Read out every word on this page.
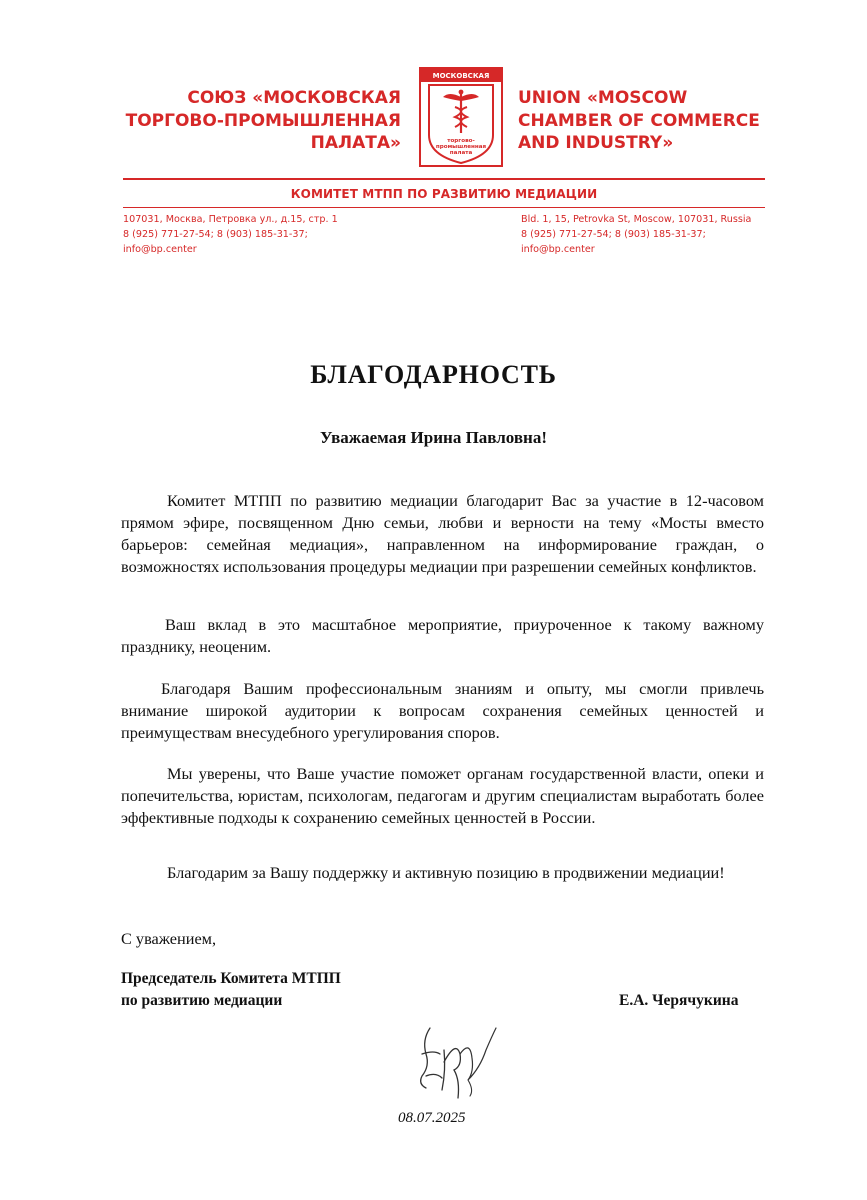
СОЮЗ «МОСКОВСКАЯ
ТОРГОВО-ПРОМЫШЛЕННАЯ
ПАЛАТА»
МОСКОВСКАЯ
торгово-
промышленная
палата
UNION «MOSCOW
CHAMBER OF COMMERCE
AND INDUSTRY»
КОМИТЕТ МТПП ПО РАЗВИТИЮ МЕДИАЦИИ
107031, Москва, Петровка ул., д.15, стр. 1
8 (925) 771-27-54; 8 (903) 185-31-37;
info@bp.center
Bld. 1, 15, Petrovka St, Moscow, 107031, Russia
8 (925) 771-27-54; 8 (903) 185-31-37;
info@bp.center
БЛАГОДАРНОСТЬ
Уважаемая Ирина Павловна!
Комитет МТПП по развитию медиации благодарит Вас за участие в 12-часовом прямом эфире, посвященном Дню семьи, любви и верности на тему «Мосты вместо барьеров: семейная медиация», направленном на информирование граждан, о возможностях использования процедуры медиации при разрешении семейных конфликтов.
Ваш вклад в это масштабное мероприятие, приуроченное к такому важному празднику, неоценим.
Благодаря Вашим профессиональным знаниям и опыту, мы смогли привлечь внимание широкой аудитории к вопросам сохранения семейных ценностей и преимуществам внесудебного урегулирования споров.
Мы уверены, что Ваше участие поможет органам государственной власти, опеки и попечительства, юристам, психологам, педагогам и другим специалистам выработать более эффективные подходы к сохранению семейных ценностей в России.
Благодарим за Вашу поддержку и активную позицию в продвижении медиации!
С уважением,
Председатель Комитета МТПП
по развитию медиации	Е.А. Черячукина
08.07.2025
